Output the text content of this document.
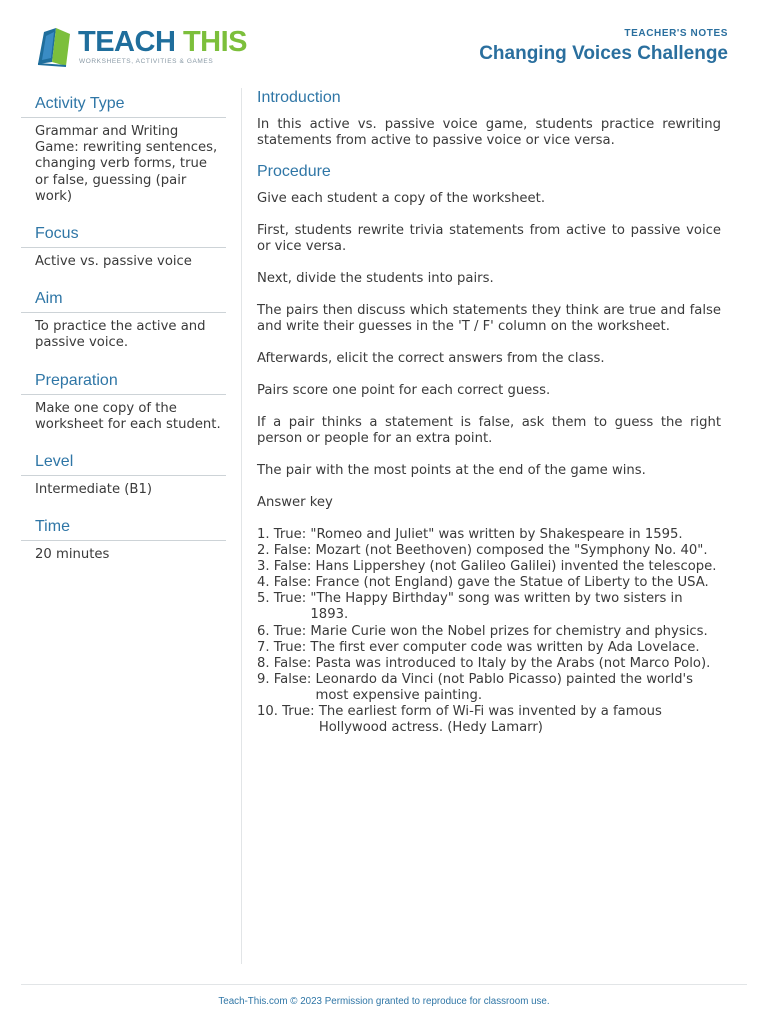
TEACH THIS
WORKSHEETS, ACTIVITIES & GAMES
TEACHER'S NOTES
Changing Voices Challenge
Activity Type
Grammar and Writing Game: rewriting sentences, changing verb forms, true or false, guessing (pair work)
Focus
Active vs. passive voice
Aim
To practice the active and passive voice.
Preparation
Make one copy of the worksheet for each student.
Level
Intermediate (B1)
Time
20 minutes
Introduction

In this active vs. passive voice game, students practice rewriting statements from active to passive voice or vice versa.

Procedure

Give each student a copy of the worksheet.

First, students rewrite trivia statements from active to passive voice or vice versa.

Next, divide the students into pairs.

The pairs then discuss which statements they think are true and false and write their guesses in the 'T / F' column on the worksheet.

Afterwards, elicit the correct answers from the class.

Pairs score one point for each correct guess.

If a pair thinks a statement is false, ask them to guess the right person or people for an extra point.

The pair with the most points at the end of the game wins.

Answer key

1. True: "Romeo and Juliet" was written by Shakespeare in 1595.
2. False: Mozart (not Beethoven) composed the "Symphony No. 40".
3. False: Hans Lippershey (not Galileo Galilei) invented the telescope.
4. False: France (not England) gave the Statue of Liberty to the USA.
5. True: "The Happy Birthday" song was written by two sisters in 1893.
6. True: Marie Curie won the Nobel prizes for chemistry and physics.
7. True: The first ever computer code was written by Ada Lovelace.
8. False: Pasta was introduced to Italy by the Arabs (not Marco Polo).
9. False: Leonardo da Vinci (not Pablo Picasso) painted the world's most expensive painting.
10. True: The earliest form of Wi-Fi was invented by a famous Hollywood actress. (Hedy Lamarr)
Teach-This.com © 2023 Permission granted to reproduce for classroom use.
